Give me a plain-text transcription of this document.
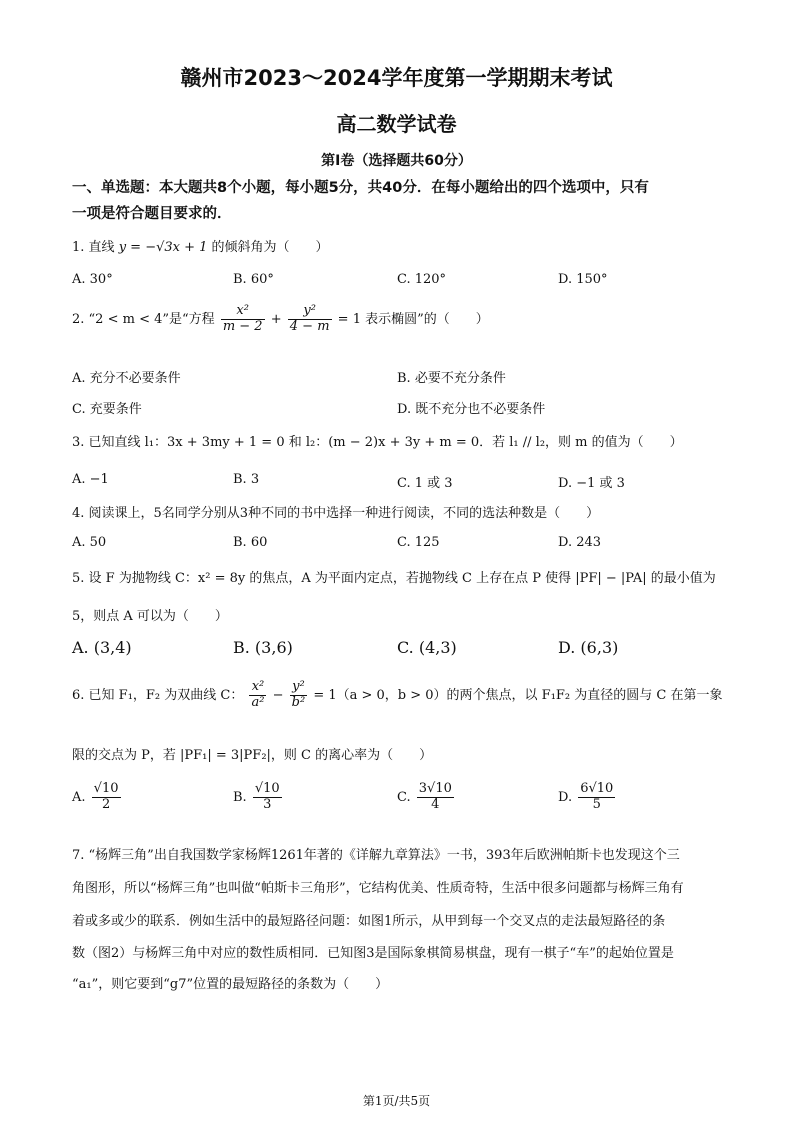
赣州市2023～2024学年度第一学期期末考试
高二数学试卷
第Ⅰ卷（选择题共60分）
一、单选题：本大题共8个小题，每小题5分，共40分．在每小题给出的四个选项中，只有
一项是符合题目要求的．
1. 直线 y = −√3x + 1 的倾斜角为（　　）
A. 30°	B. 60°	C. 120°	D. 150°
2. “2 < m < 4”是“方程 $\frac{\text{x²}}{m - 2} + \frac{\text{y²}}{4 - m} = 1$ 表示椭圆”的（　　）
A. 充分不必要条件	B. 必要不充分条件
C. 充要条件	D. 既不充分也不必要条件
3. 已知直线 l₁：3x + 3my + 1 = 0 和 l₂：(m − 2)x + 3y + m = 0．若 l₁ // l₂，则 m 的值为（　　）
A. −1	B. 3	C. 1 或 3	D. −1 或 3
4. 阅读课上，5名同学分别从3种不同的书中选择一种进行阅读，不同的选法种数是（　　）
A. 50	B. 60	C. 125	D. 243
5. 设 F 为抛物线 C：x² = 8y 的焦点，A 为平面内定点，若抛物线 C 上存在点 P 使得 |PF| − |PA| 的最小值为
5，则点 A 可以为（　　）
A. (3,4)	B. (3,6)	C. (4,3)	D. (6,3)
6. 已知 F₁，F₂ 为双曲线 C： $\frac{\text{x²}}{\text{a²}} - \frac{\text{y²}}{\text{b²}} = 1(a > 0$，b > 0）的两个焦点，以 F₁F₂ 为直径的圆与 C 在第一象
限的交点为 P，若 |PF₁| = 3|PF₂|，则 C 的离心率为（　　）
A. $\frac{√10}{2}$	B. $\frac{√10}{3}$	C. $\frac{3√10}{4}$	D. $\frac{6√10}{5}$
7. “杨辉三角”出自我国数学家杨辉1261年著的《详解九章算法》一书，393年后欧洲帕斯卡也发现这个三
角图形，所以“杨辉三角”也叫做“帕斯卡三角形”，它结构优美、性质奇特，生活中很多问题都与杨辉三角有
着或多或少的联系．例如生活中的最短路径问题：如图1所示，从甲到每一个交叉点的走法最短路径的条
数（图2）与杨辉三角中对应的数性质相同．已知图3是国际象棋简易棋盘，现有一棋子“车”的起始位置是
“a₁”，则它要到“g7”位置的最短路径的条数为（　　）
第1页/共5页
